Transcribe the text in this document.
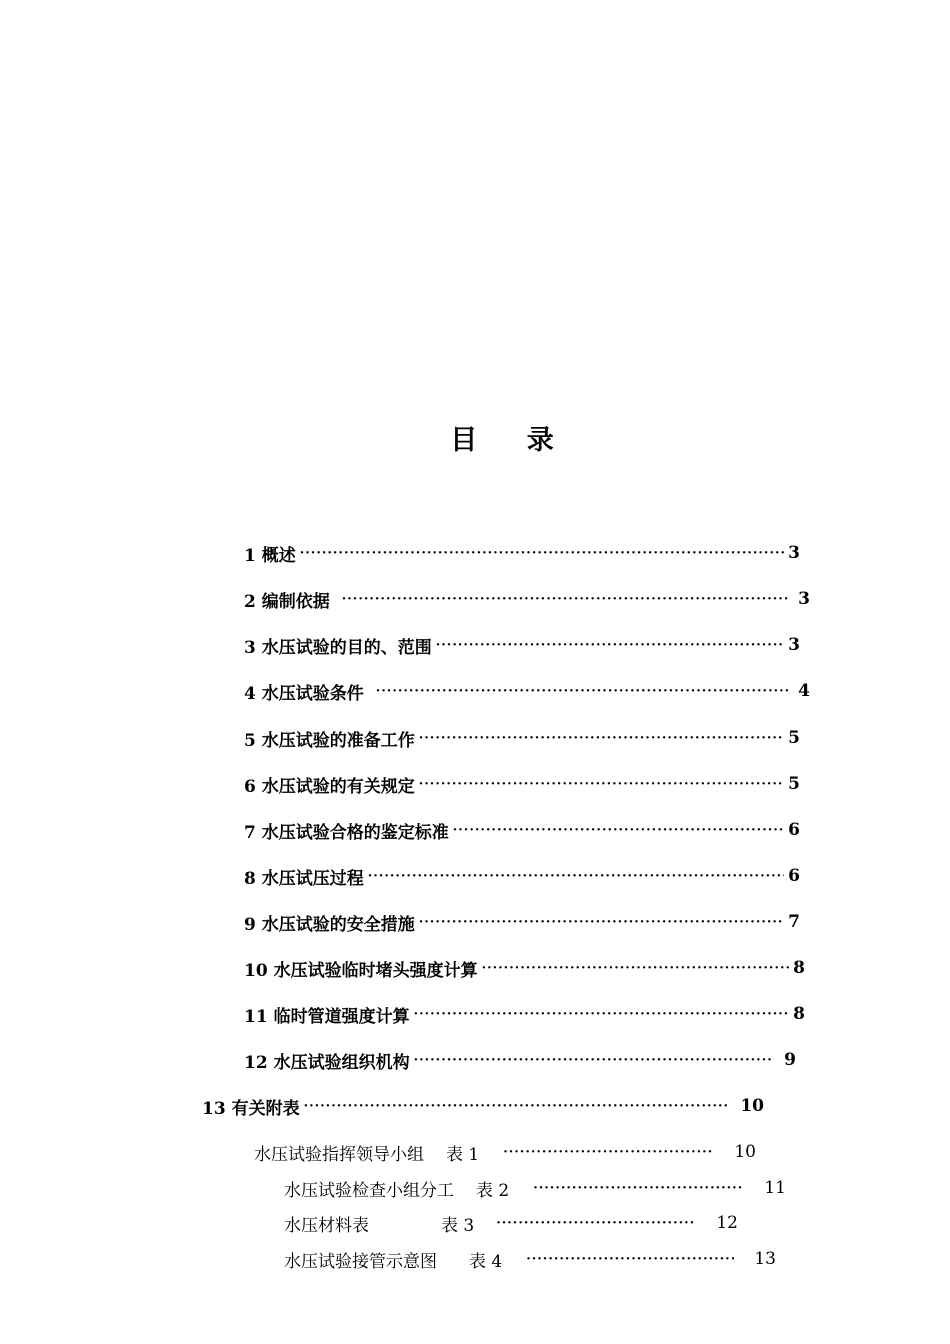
目 录
1 概述 ·····	3
2 编制依据 ·····	3
3 水压试验的目的、范围 ·····	3
4 水压试验条件 ·····	4
5 水压试验的准备工作 ·····	5
6 水压试验的有关规定 ·····	5
7 水压试验合格的鉴定标准 ·····	6
8 水压试压过程 ·····	6
9 水压试验的安全措施 ·····	7
10 水压试验临时堵头强度计算 ·····	8
11 临时管道强度计算 ·····	8
12 水压试验组织机构 ·····	9
13 有关附表 ·····	10
水压试验指挥领导小组 表 1 ·····	10
水压试验检查小组分工 表 2 ·····	11
水压材料表	表 3 ·····	12
水压试验接管示意图 表 4 ·····	13
